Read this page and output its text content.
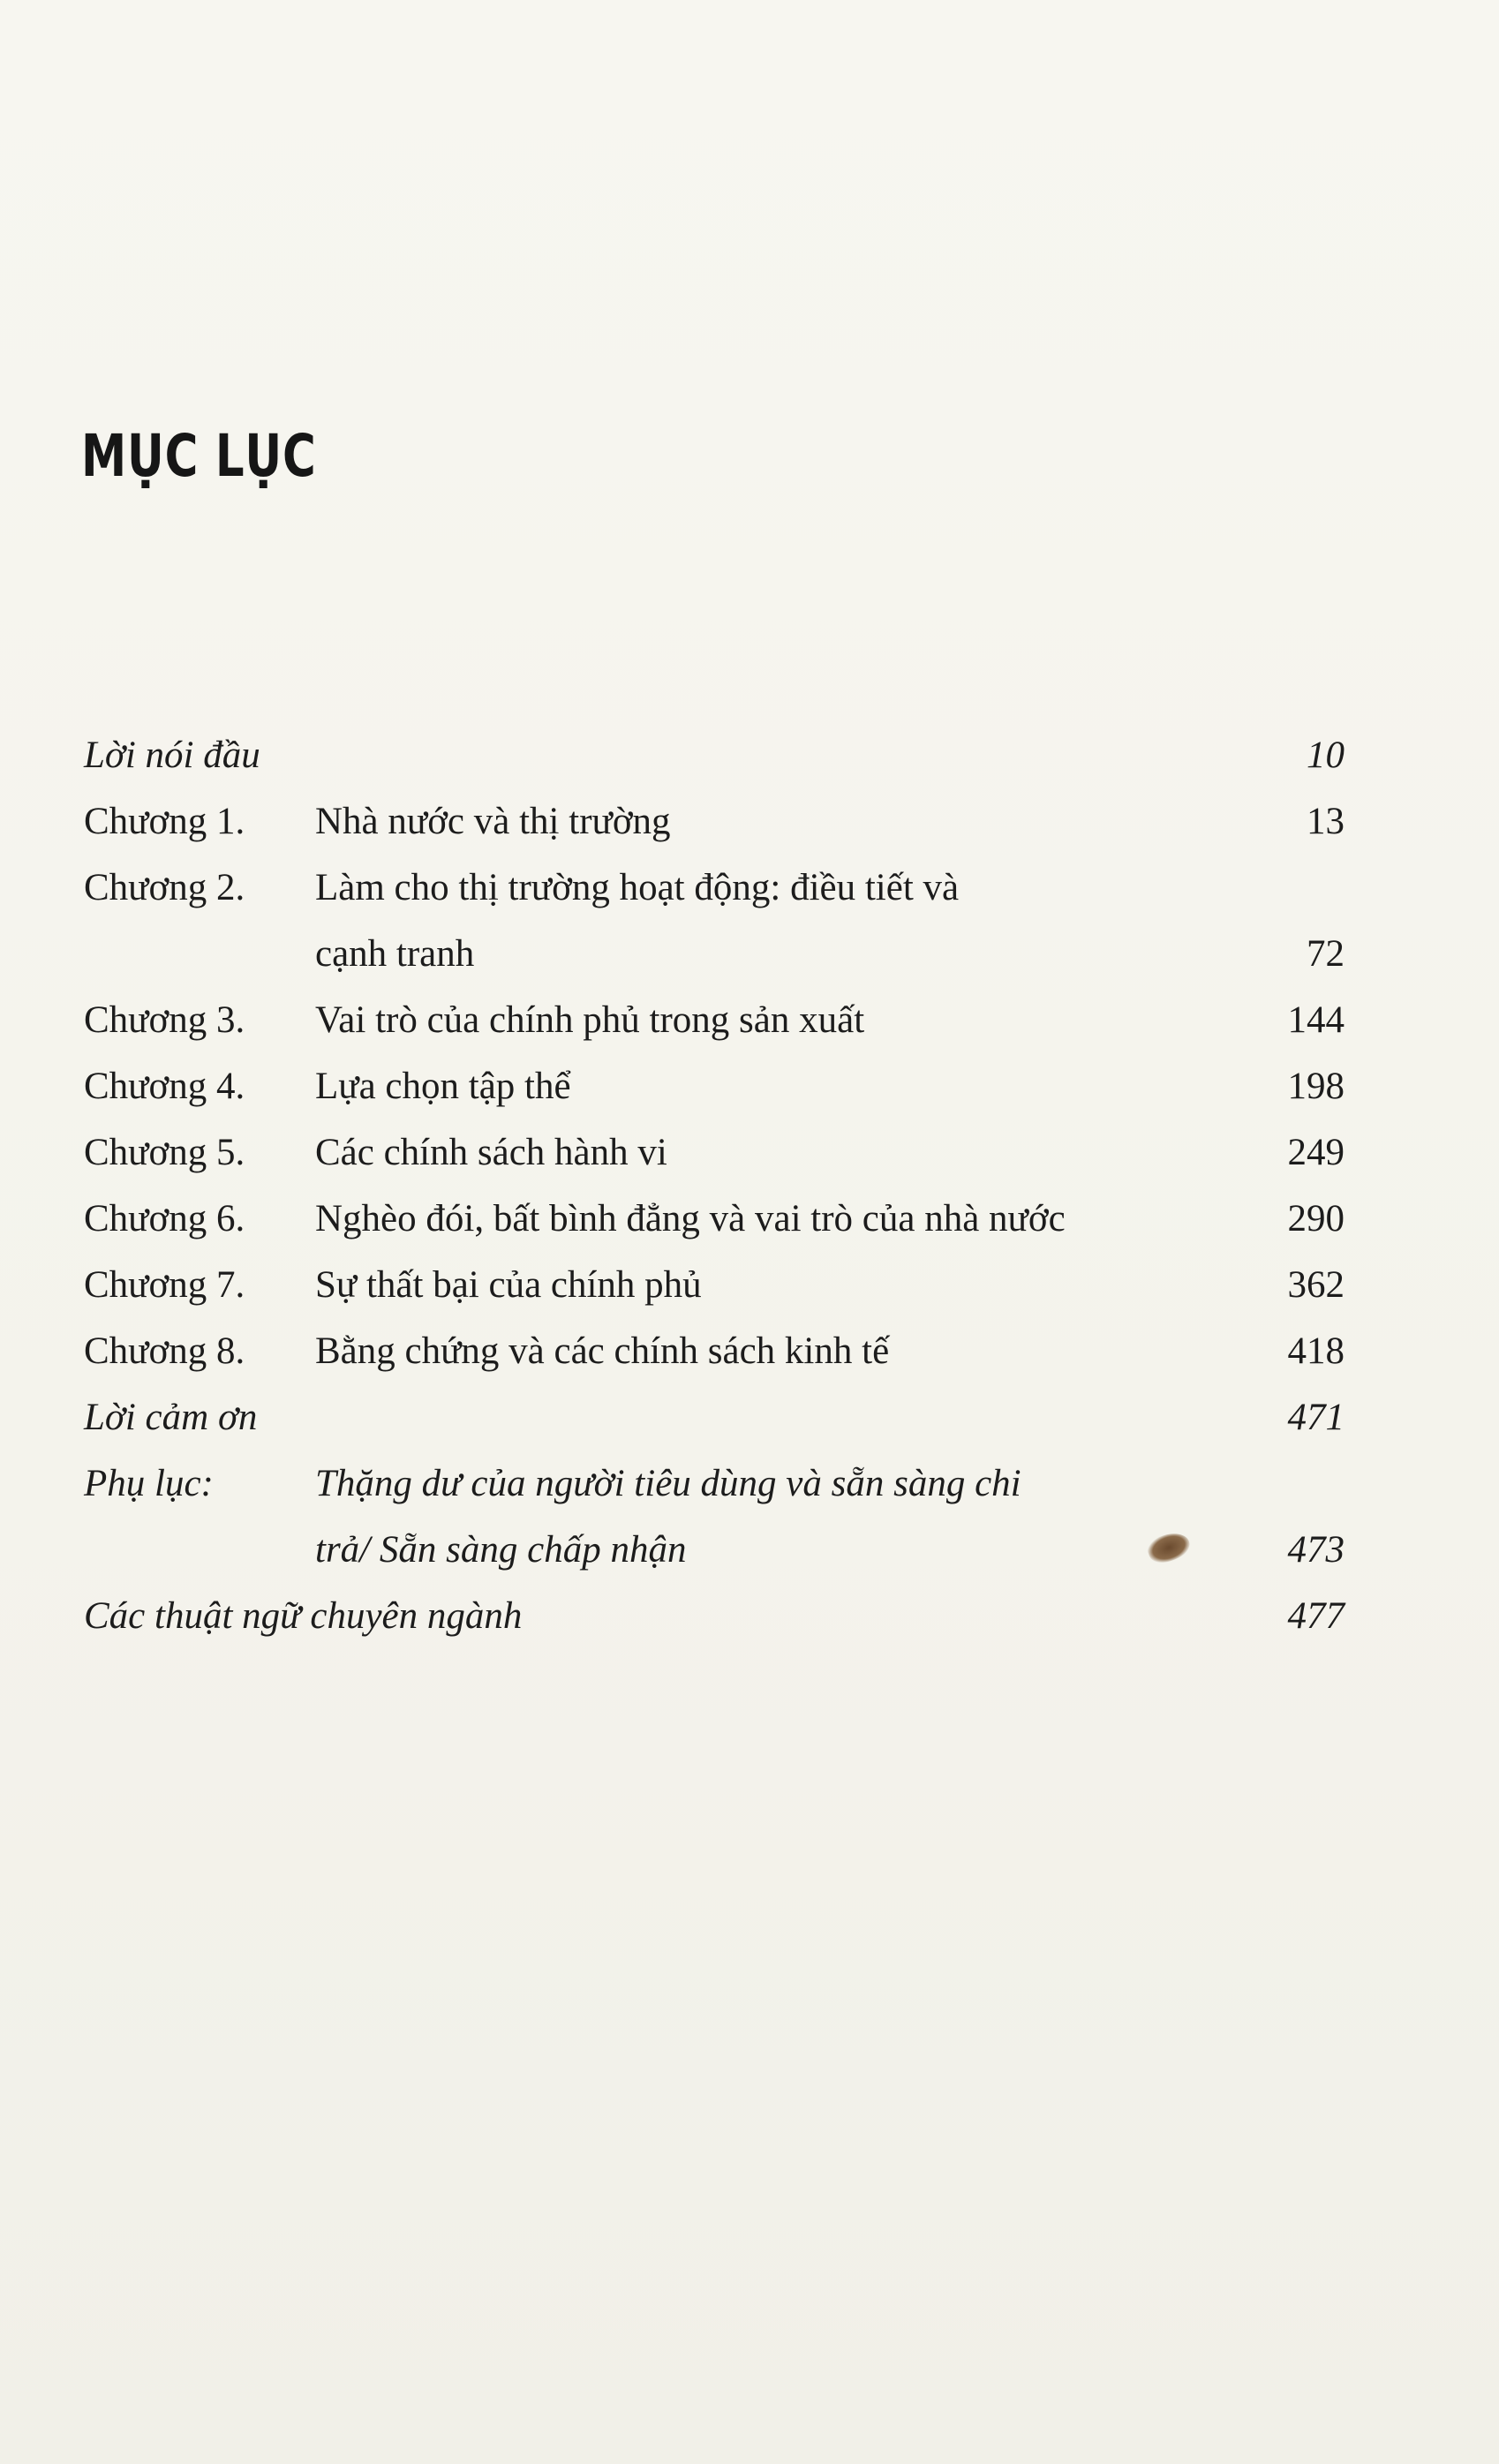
MỤC LỤC
Lời nói đầu	10
Chương 1.	Nhà nước và thị trường	13
Chương 2.	Làm cho thị trường hoạt động: điều tiết và
cạnh tranh	72
Chương 3.	Vai trò của chính phủ trong sản xuất	144
Chương 4.	Lựa chọn tập thể	198
Chương 5.	Các chính sách hành vi	249
Chương 6.	Nghèo đói, bất bình đẳng và vai trò của nhà nước	290
Chương 7.	Sự thất bại của chính phủ	362
Chương 8.	Bằng chứng và các chính sách kinh tế	418
Lời cảm ơn	471
Phụ lục:	Thặng dư của người tiêu dùng và sẵn sàng chi
trả/ Sẵn sàng chấp nhận	473
Các thuật ngữ chuyên ngành	477
